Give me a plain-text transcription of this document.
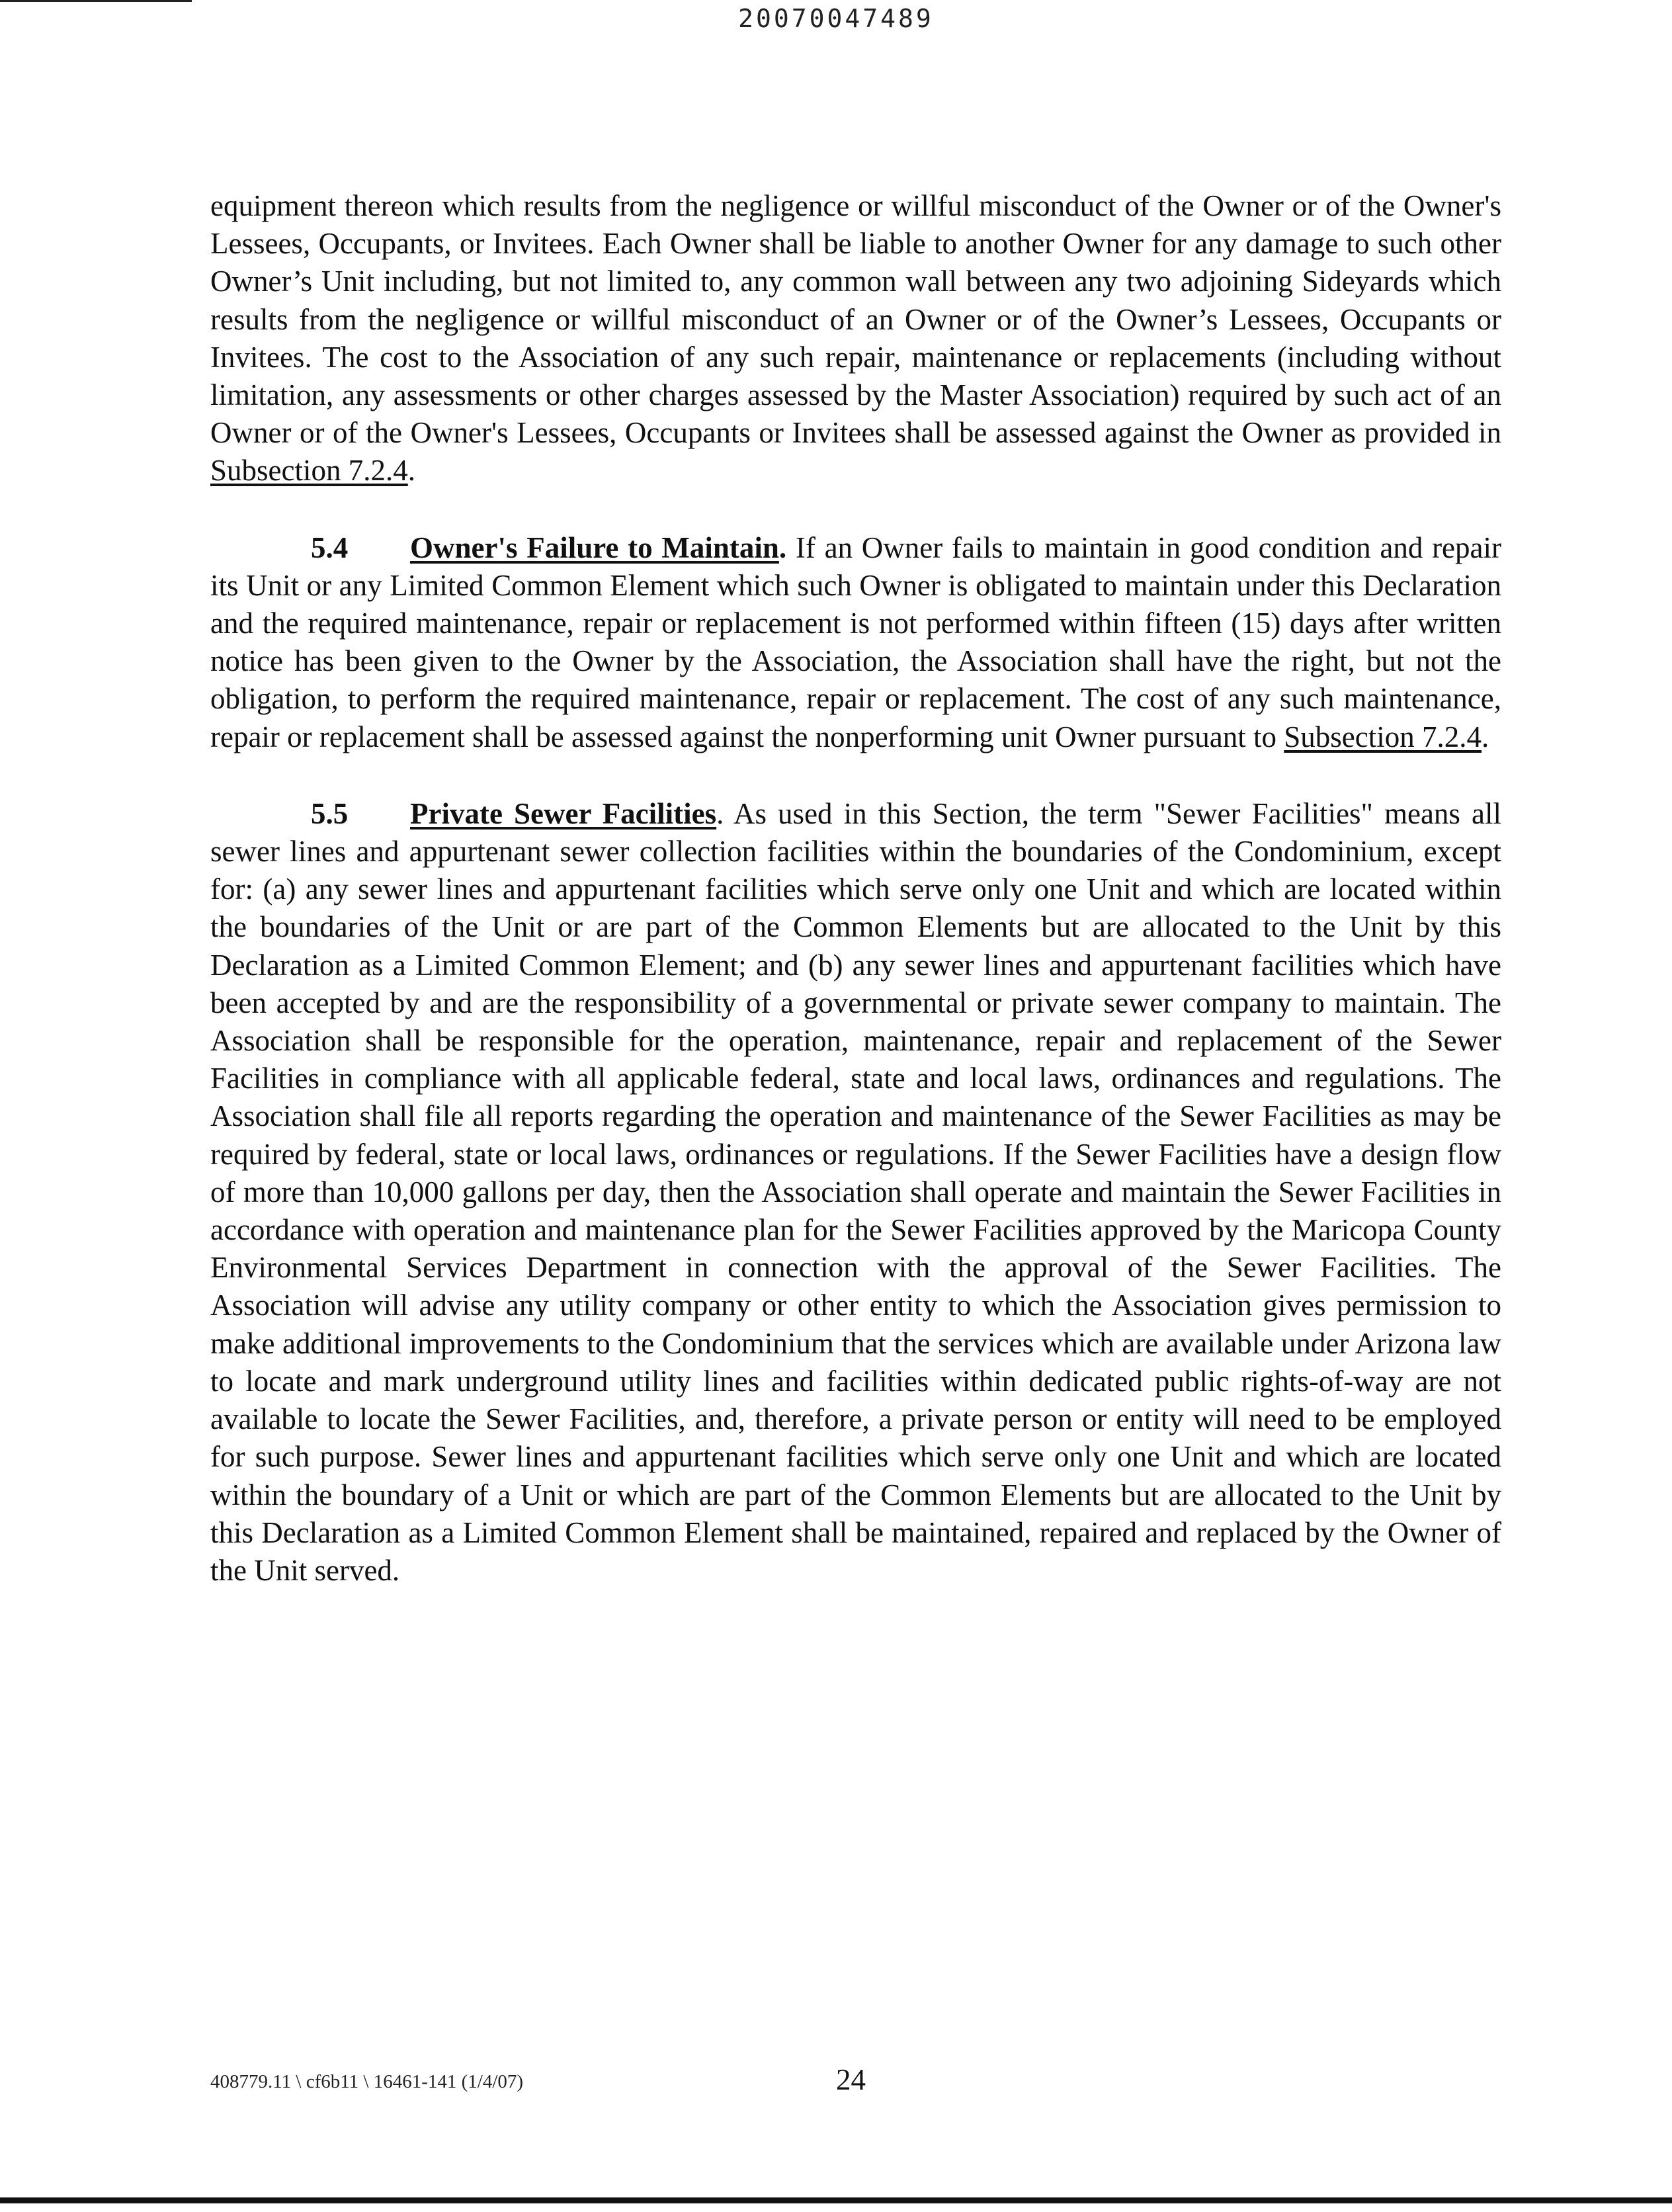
20070047489

equipment thereon which results from the negligence or willful misconduct of the Owner or of the Owner's Lessees, Occupants, or Invitees. Each Owner shall be liable to another Owner for any damage to such other Owner’s Unit including, but not limited to, any common wall between any two adjoining Sideyards which results from the negligence or willful misconduct of an Owner or of the Owner’s Lessees, Occupants or Invitees. The cost to the Association of any such repair, maintenance or replacements (including without limitation, any assessments or other charges assessed by the Master Association) required by such act of an Owner or of the Owner's Lessees, Occupants or Invitees shall be assessed against the Owner as provided in Subsection 7.2.4.

5.4 Owner's Failure to Maintain. If an Owner fails to maintain in good condition and repair its Unit or any Limited Common Element which such Owner is obligated to maintain under this Declaration and the required maintenance, repair or replacement is not performed within fifteen (15) days after written notice has been given to the Owner by the Association, the Association shall have the right, but not the obligation, to perform the required maintenance, repair or replacement. The cost of any such maintenance, repair or replacement shall be assessed against the nonperforming unit Owner pursuant to Subsection 7.2.4.

5.5 Private Sewer Facilities. As used in this Section, the term "Sewer Facilities" means all sewer lines and appurtenant sewer collection facilities within the boundaries of the Condominium, except for: (a) any sewer lines and appurtenant facilities which serve only one Unit and which are located within the boundaries of the Unit or are part of the Common Elements but are allocated to the Unit by this Declaration as a Limited Common Element; and (b) any sewer lines and appurtenant facilities which have been accepted by and are the responsibility of a governmental or private sewer company to maintain. The Association shall be responsible for the operation, maintenance, repair and replacement of the Sewer Facilities in compliance with all applicable federal, state and local laws, ordinances and regulations. The Association shall file all reports regarding the operation and maintenance of the Sewer Facilities as may be required by federal, state or local laws, ordinances or regulations. If the Sewer Facilities have a design flow of more than 10,000 gallons per day, then the Association shall operate and maintain the Sewer Facilities in accordance with operation and maintenance plan for the Sewer Facilities approved by the Maricopa County Environmental Services Department in connection with the approval of the Sewer Facilities. The Association will advise any utility company or other entity to which the Association gives permission to make additional improvements to the Condominium that the services which are available under Arizona law to locate and mark underground utility lines and facilities within dedicated public rights-of-way are not available to locate the Sewer Facilities, and, therefore, a private person or entity will need to be employed for such purpose. Sewer lines and appurtenant facilities which serve only one Unit and which are located within the boundary of a Unit or which are part of the Common Elements but are allocated to the Unit by this Declaration as a Limited Common Element shall be maintained, repaired and replaced by the Owner of the Unit served.

408779.11 \ cf6b11 \ 16461-141 (1/4/07)	24
